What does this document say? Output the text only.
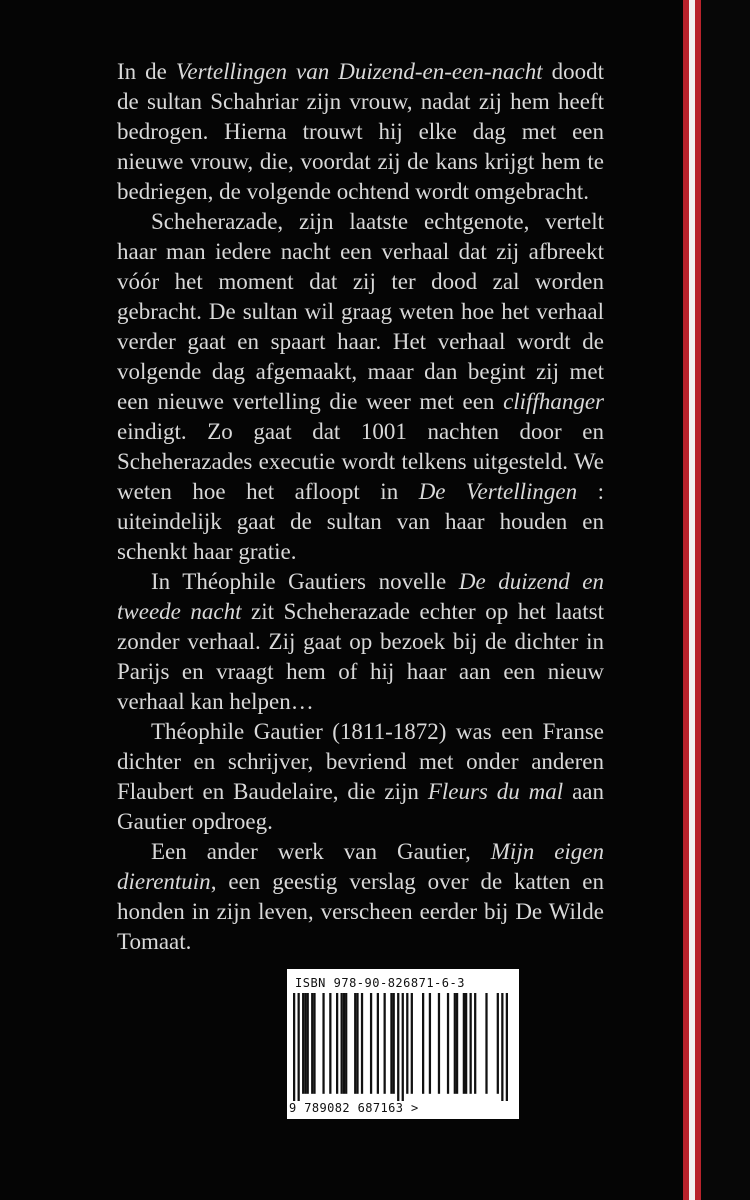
In de Vertellingen van Duizend-en-een-nacht doodt de sultan Schahriar zijn vrouw, nadat zij hem heeft bedrogen. Hierna trouwt hij elke dag met een nieuwe vrouw, die, voordat zij de kans krijgt hem te bedriegen, de volgende ochtend wordt omgebracht.

Scheherazade, zijn laatste echtgenote, vertelt haar man iedere nacht een verhaal dat zij afbreekt vóór het moment dat zij ter dood zal worden gebracht. De sultan wil graag weten hoe het verhaal verder gaat en spaart haar. Het verhaal wordt de volgende dag afgemaakt, maar dan begint zij met een nieuwe vertelling die weer met een cliffhanger eindigt. Zo gaat dat 1001 nachten door en Scheherazades executie wordt telkens uitgesteld. We weten hoe het afloopt in De Vertellingen : uiteindelijk gaat de sultan van haar houden en schenkt haar gratie.

In Théophile Gautiers novelle De duizend en tweede nacht zit Scheherazade echter op het laatst zonder verhaal. Zij gaat op bezoek bij de dichter in Parijs en vraagt hem of hij haar aan een nieuw verhaal kan helpen…

Théophile Gautier (1811-1872) was een Franse dichter en schrijver, bevriend met onder anderen Flaubert en Baudelaire, die zijn Fleurs du mal aan Gautier opdroeg.

Een ander werk van Gautier, Mijn eigen dierentuin, een geestig verslag over de katten en honden in zijn leven, verscheen eerder bij De Wilde Tomaat.

ISBN 978-90-826871-6-3
9 789082 687163 >
